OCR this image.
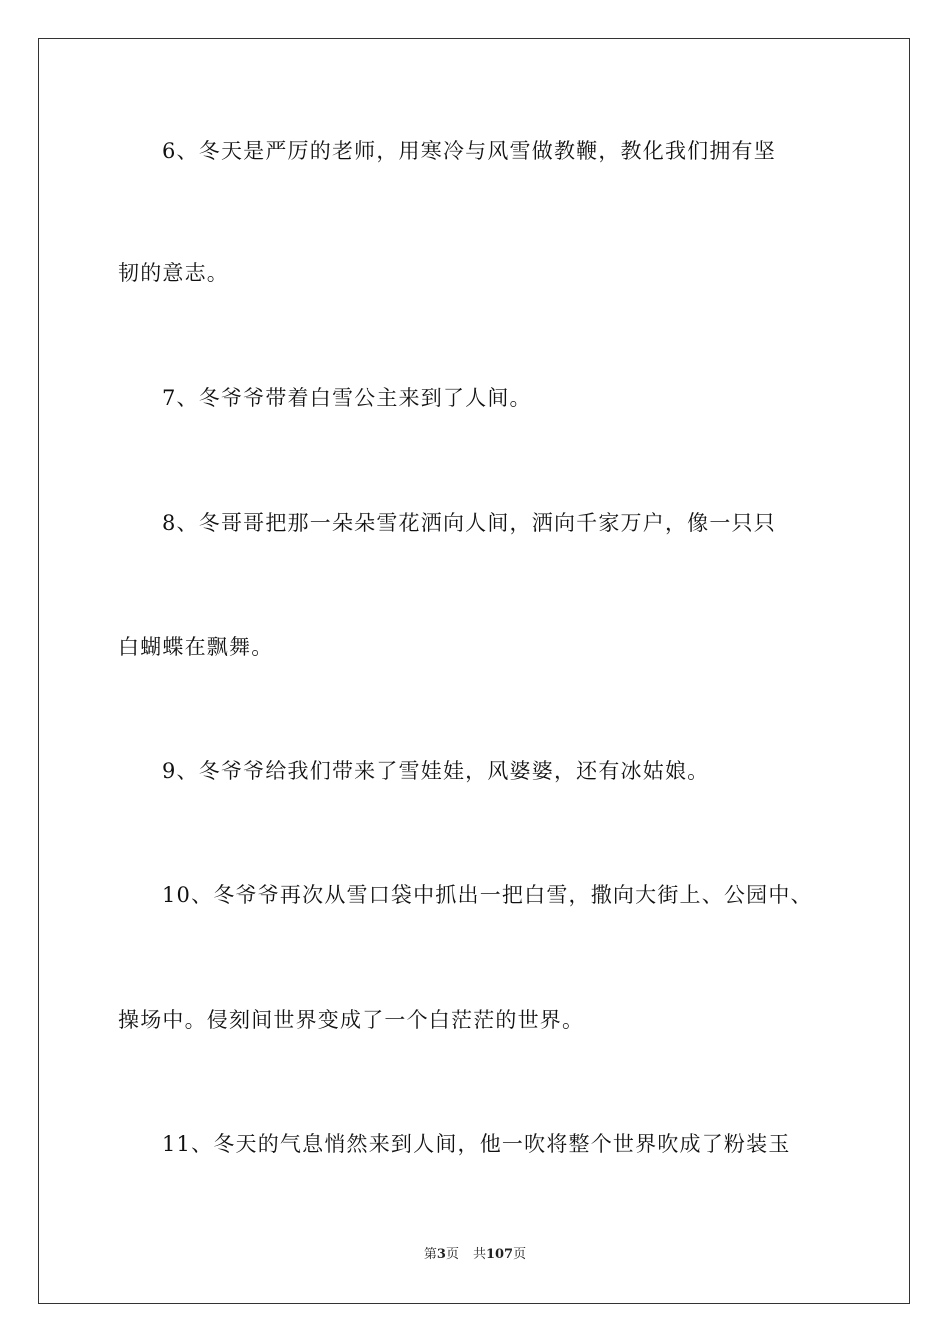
6、冬天是严厉的老师，用寒冷与风雪做教鞭，教化我们拥有坚
韧的意志。
7、冬爷爷带着白雪公主来到了人间。
8、冬哥哥把那一朵朵雪花洒向人间，洒向千家万户，像一只只
白蝴蝶在飘舞。
9、冬爷爷给我们带来了雪娃娃，风婆婆，还有冰姑娘。
10、冬爷爷再次从雪口袋中抓出一把白雪，撒向大街上、公园中、
操场中。侵刻间世界变成了一个白茫茫的世界。
11、冬天的气息悄然来到人间，他一吹将整个世界吹成了粉装玉
第3页 共107页
